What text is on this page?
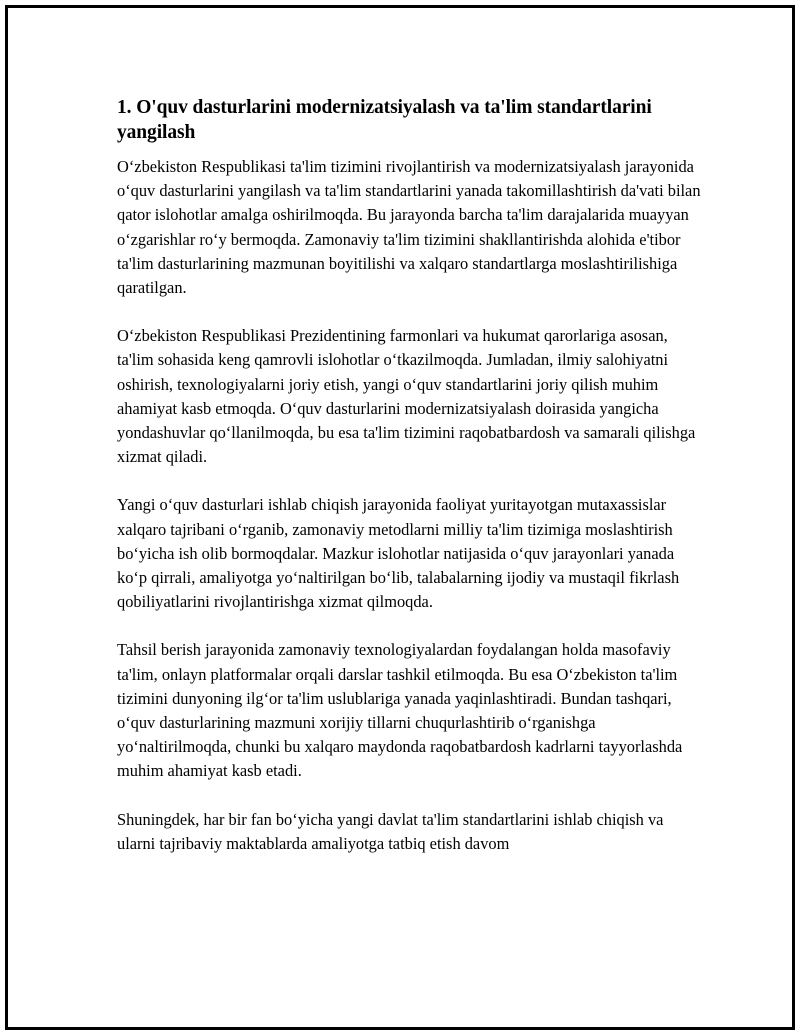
1. O'quv dasturlarini modernizatsiyalash va ta'lim standartlarini yangilash

O‘zbekiston Respublikasi ta'lim tizimini rivojlantirish va modernizatsiyalash jarayonida o‘quv dasturlarini yangilash va ta'lim standartlarini yanada takomillashtirish da'vati bilan qator islohotlar amalga oshirilmoqda. Bu jarayonda barcha ta'lim darajalarida muayyan o‘zgarishlar ro‘y bermoqda. Zamonaviy ta'lim tizimini shakllantirishda alohida e'tibor ta'lim dasturlarining mazmunan boyitilishi va xalqaro standartlarga moslashtirilishiga qaratilgan.

O‘zbekiston Respublikasi Prezidentining farmonlari va hukumat qarorlariga asosan, ta'lim sohasida keng qamrovli islohotlar o‘tkazilmoqda. Jumladan, ilmiy salohiyatni oshirish, texnologiyalarni joriy etish, yangi o‘quv standartlarini joriy qilish muhim ahamiyat kasb etmoqda. O‘quv dasturlarini modernizatsiyalash doirasida yangicha yondashuvlar qo‘llanilmoqda, bu esa ta'lim tizimini raqobatbardosh va samarali qilishga xizmat qiladi.

Yangi o‘quv dasturlari ishlab chiqish jarayonida faoliyat yuritayotgan mutaxassislar xalqaro tajribani o‘rganib, zamonaviy metodlarni milliy ta'lim tizimiga moslashtirish bo‘yicha ish olib bormoqdalar. Mazkur islohotlar natijasida o‘quv jarayonlari yanada ko‘p qirrali, amaliyotga yo‘naltirilgan bo‘lib, talabalarning ijodiy va mustaqil fikrlash qobiliyatlarini rivojlantirishga xizmat qilmoqda.

Tahsil berish jarayonida zamonaviy texnologiyalardan foydalangan holda masofaviy ta'lim, onlayn platformalar orqali darslar tashkil etilmoqda. Bu esa O‘zbekiston ta'lim tizimini dunyoning ilg‘or ta'lim uslublariga yanada yaqinlashtiradi. Bundan tashqari, o‘quv dasturlarining mazmuni xorijiy tillarni chuqurlashtirib o‘rganishga yo‘naltirilmoqda, chunki bu xalqaro maydonda raqobatbardosh kadrlarni tayyorlashda muhim ahamiyat kasb etadi.

Shuningdek, har bir fan bo‘yicha yangi davlat ta'lim standartlarini ishlab chiqish va ularni tajribaviy maktablarda amaliyotga tatbiq etish davom
